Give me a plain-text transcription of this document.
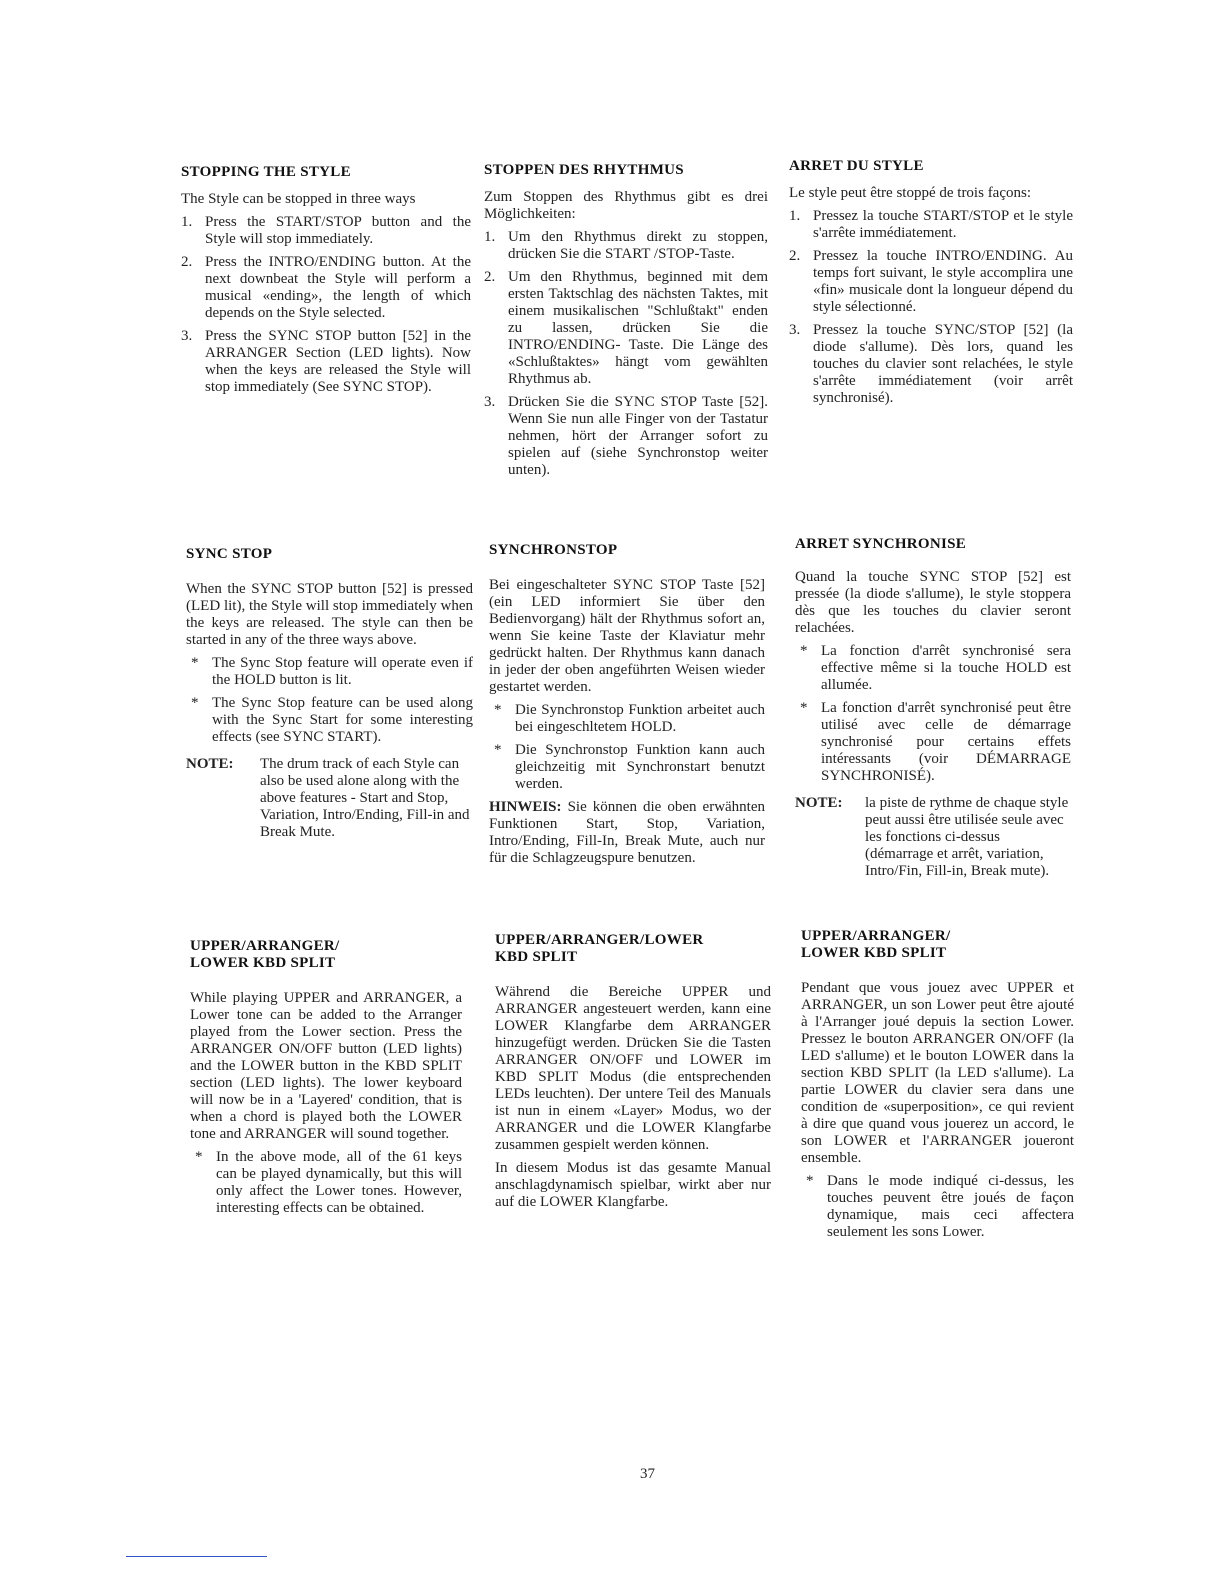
STOPPING THE STYLE

The Style can be stopped in three ways

1. Press the START/STOP button and the Style will stop immediately.
2. Press the INTRO/ENDING button. At the next downbeat the Style will perform a musical «ending», the length of which depends on the Style selected.
3. Press the SYNC STOP button [52] in the ARRANGER Section (LED lights). Now when the keys are released the Style will stop immediately (See SYNC STOP).
STOPPEN DES RHYTHMUS

Zum Stoppen des Rhythmus gibt es drei Möglichkeiten:

1. Um den Rhythmus direkt zu stoppen, drücken Sie die START /STOP-Taste.
2. Um den Rhythmus, beginned mit dem ersten Taktschlag des nächsten Taktes, mit einem musikalischen "Schlußtakt" enden zu lassen, drücken Sie die INTRO/ENDING- Taste. Die Länge des «Schlußtaktes» hängt vom gewählten Rhythmus ab.
3. Drücken Sie die SYNC STOP Taste [52]. Wenn Sie nun alle Finger von der Tastatur nehmen, hört der Arranger sofort zu spielen auf (siehe Synchronstop weiter unten).
ARRET DU STYLE

Le style peut être stoppé de trois façons:

1. Pressez la touche START/STOP et le style s'arrête immédiatement.
2. Pressez la touche INTRO/ENDING. Au temps fort suivant, le style accomplira une «fin» musicale dont la longueur dépend du style sélectionné.
3. Pressez la touche SYNC/STOP [52] (la diode s'allume). Dès lors, quand les touches du clavier sont relachées, le style s'arrête immédiatement (voir arrêt synchronisé).
SYNC STOP

When the SYNC STOP button [52] is pressed (LED lit), the Style will stop immediately when the keys are released. The style can then be started in any of the three ways above.

* The Sync Stop feature will operate even if the HOLD button is lit.
* The Sync Stop feature can be used along with the Sync Start for some interesting effects (see SYNC START).
NOTE: The drum track of each Style can also be used alone along with the above features - Start and Stop, Variation, Intro/Ending, Fill-in and Break Mute.
SYNCHRONSTOP

Bei eingeschalteter SYNC STOP Taste [52] (ein LED informiert Sie über den Bedienvorgang) hält der Rhythmus sofort an, wenn Sie keine Taste der Klaviatur mehr gedrückt halten. Der Rhythmus kann danach in jeder der oben angeführten Weisen wieder gestartet werden.

* Die Synchronstop Funktion arbeitet auch bei eingeschltetem HOLD.
* Die Synchronstop Funktion kann auch gleichzeitig mit Synchronstart benutzt werden.

HINWEIS: Sie können die oben erwähnten Funktionen Start, Stop, Variation, Intro/Ending, Fill-In, Break Mute, auch nur für die Schlagzeugspure benutzen.

ARRET SYNCHRONISE

Quand la touche SYNC STOP [52] est pressée (la diode s'allume), le style stoppera dès que les touches du clavier seront relachées.

* La fonction d'arrêt synchronisé sera effective même si la touche HOLD est allumée.
* La fonction d'arrêt synchronisé peut être utilisé avec celle de démarrage synchronisé pour certains effets intéressants (voir DÉMARRAGE SYNCHRONISÉ).
NOTE: la piste de rythme de chaque style peut aussi être utilisée seule avec les fonctions ci-dessus (démarrage et arrêt, variation, Intro/Fin, Fill-in, Break mute).
UPPER/ARRANGER/
LOWER KBD SPLIT

While playing UPPER and ARRANGER, a Lower tone can be added to the Arranger played from the Lower section. Press the ARRANGER ON/OFF button (LED lights) and the LOWER button in the KBD SPLIT section (LED lights). The lower keyboard will now be in a 'Layered' condition, that is when a chord is played both the LOWER tone and ARRANGER will sound together.

* In the above mode, all of the 61 keys can be played dynamically, but this will only affect the Lower tones. However, interesting effects can be obtained.
UPPER/ARRANGER/LOWER
KBD SPLIT

Während die Bereiche UPPER und ARRANGER angesteuert werden, kann eine LOWER Klangfarbe dem ARRANGER hinzugefügt werden. Drücken Sie die Tasten ARRANGER ON/OFF und LOWER im KBD SPLIT Modus (die entsprechenden LEDs leuchten). Der untere Teil des Manuals ist nun in einem «Layer» Modus, wo der ARRANGER und die LOWER Klangfarbe zusammen gespielt werden können.

In diesem Modus ist das gesamte Manual anschlagdynamisch spielbar, wirkt aber nur auf die LOWER Klangfarbe.

UPPER/ARRANGER/
LOWER KBD SPLIT

Pendant que vous jouez avec UPPER et ARRANGER, un son Lower peut être ajouté à l'Arranger joué depuis la section Lower. Pressez le bouton ARRANGER ON/OFF (la LED s'allume) et le bouton LOWER dans la section KBD SPLIT (la LED s'allume). La partie LOWER du clavier sera dans une condition de «superposition», ce qui revient à dire que quand vous jouerez un accord, le son LOWER et l'ARRANGER joueront ensemble.

* Dans le mode indiqué ci-dessus, les touches peuvent être joués de façon dynamique, mais ceci affectera seulement les sons Lower.
37
